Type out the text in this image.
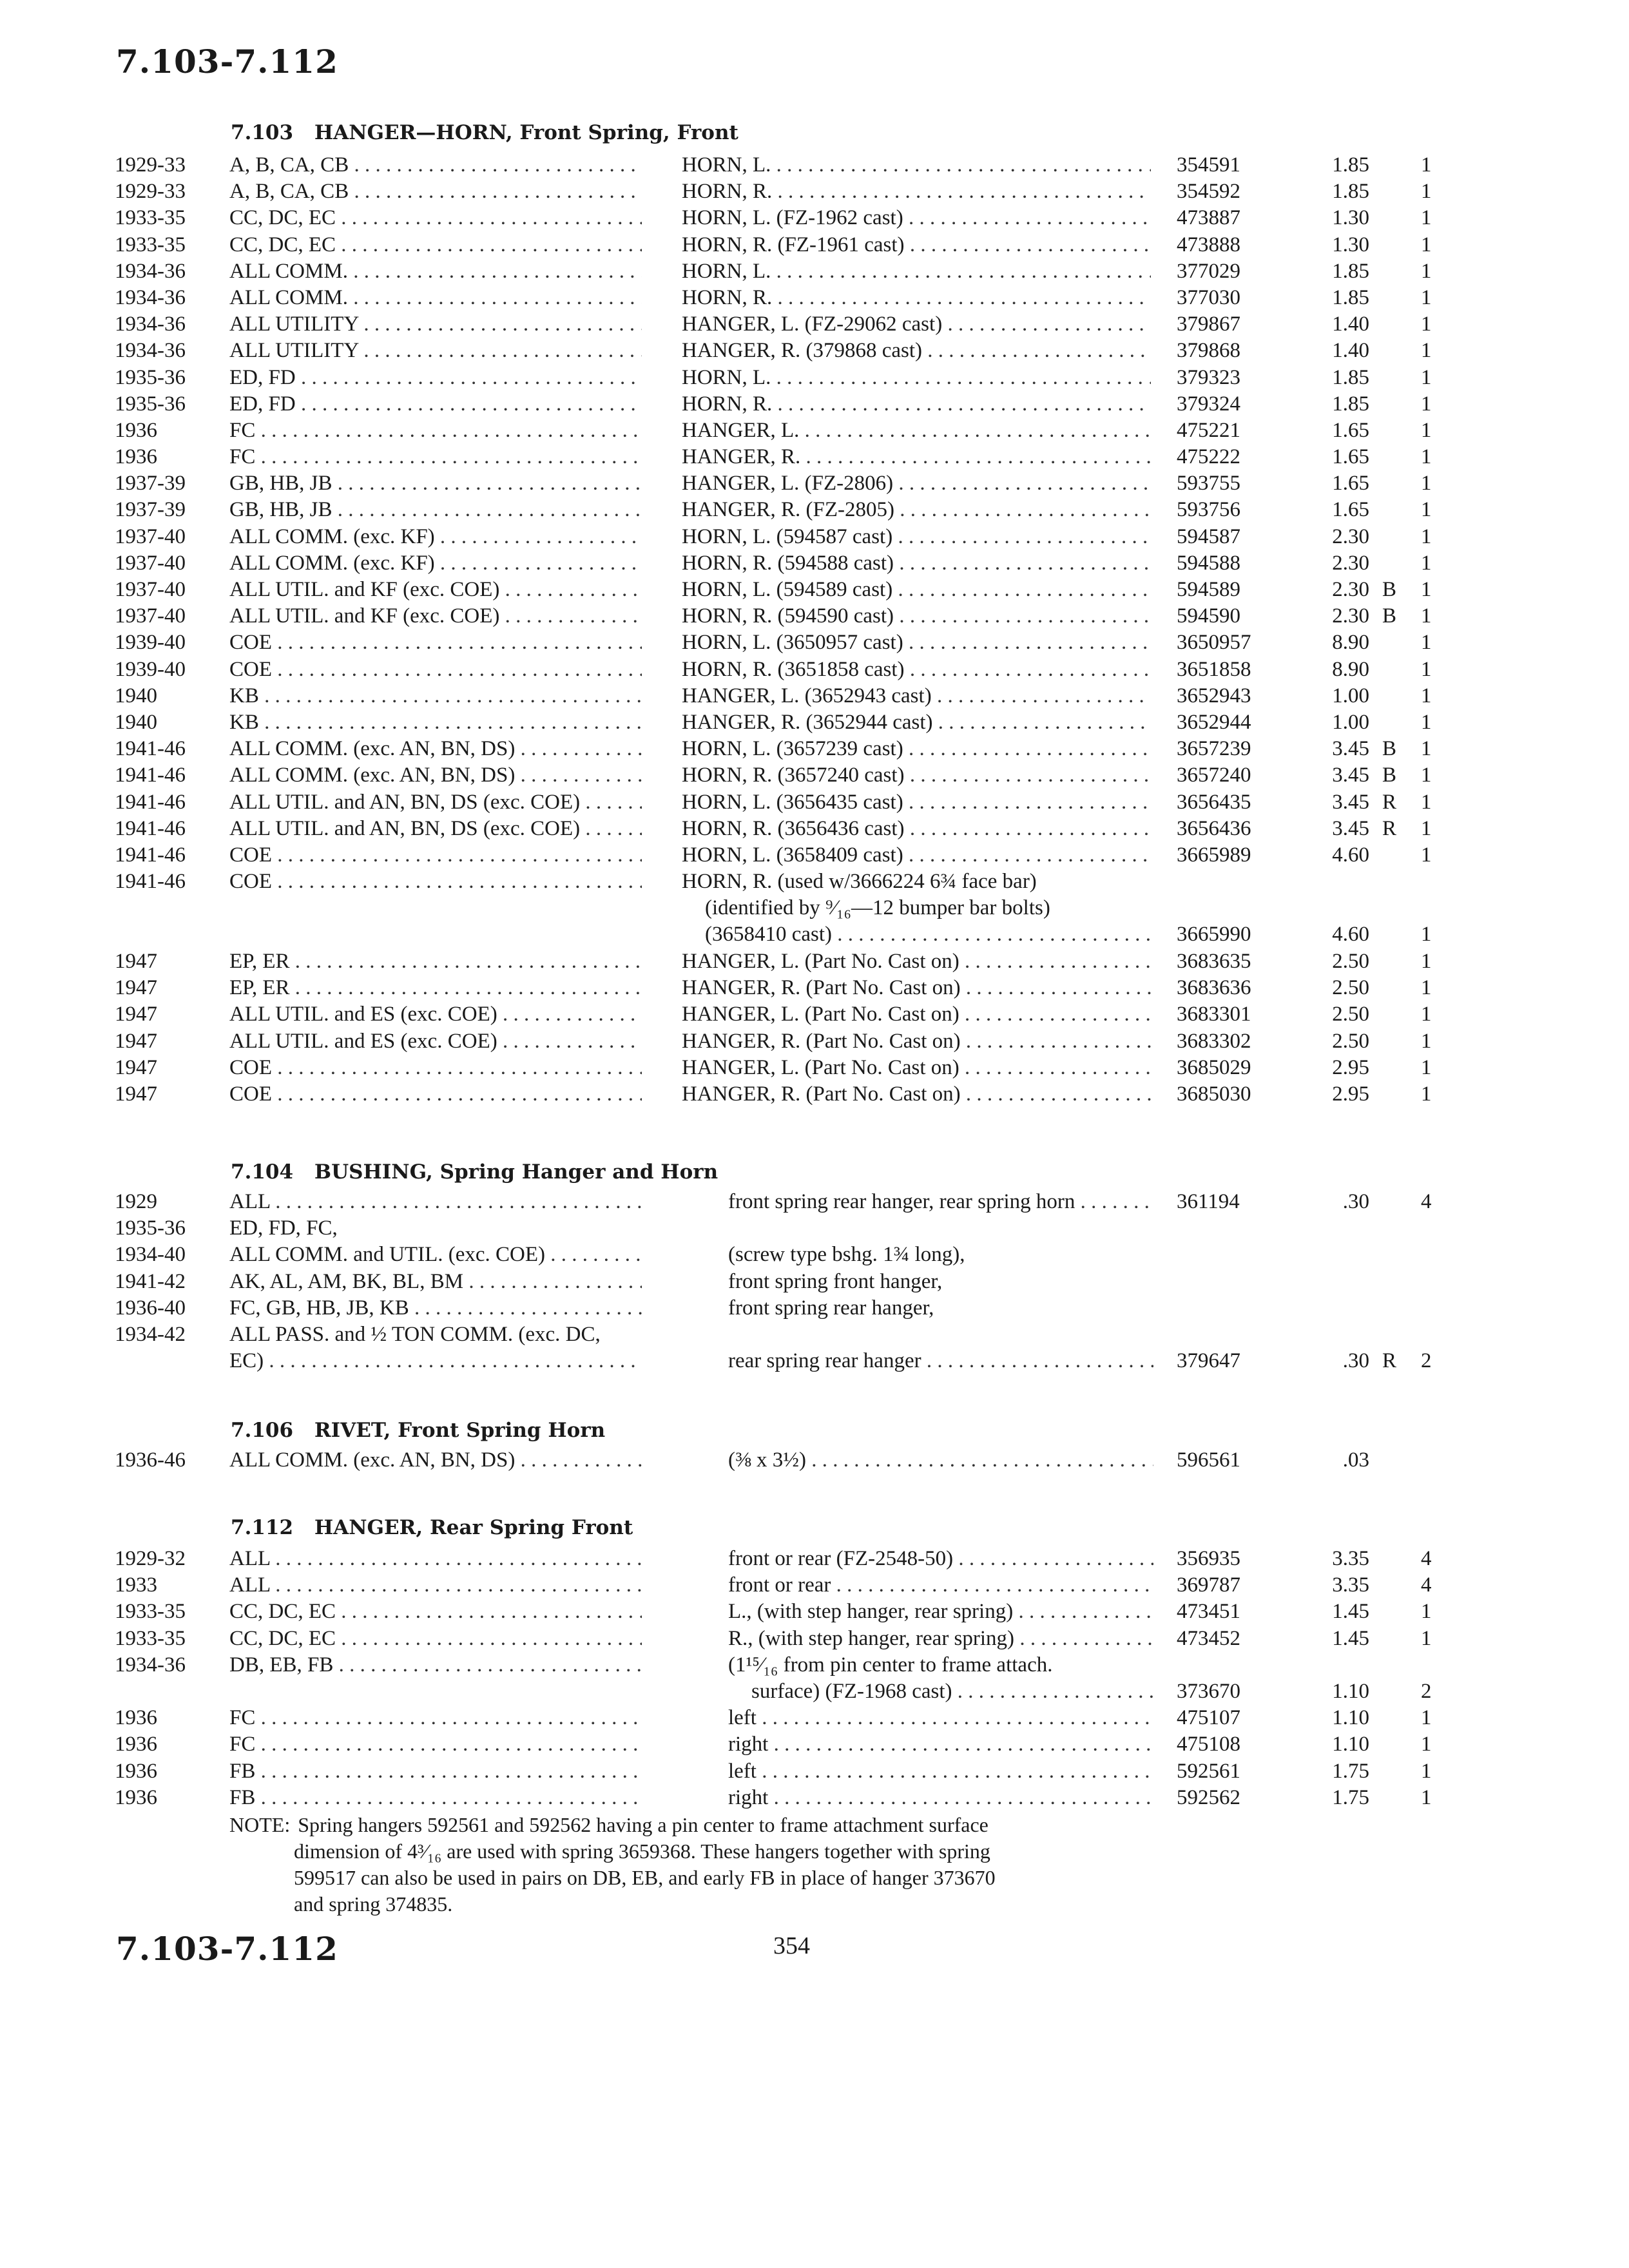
7.103-7.112
7.103 HANGER—HORN, Front Spring, Front
1929-33 A, B, CA, CB . . .	HORN, L. . . .	354591	1.85 1
1929-33 A, B, CA, CB . . .	HORN, R. . . .	354592	1.85 1
1933-35 CC, DC, EC . . .	HORN, L. (FZ-1962 cast) . . .	473887	1.30 1
1933-35 CC, DC, EC . . .	HORN, R. (FZ-1961 cast) . . .	473888	1.30 1
1934-36 ALL COMM. . . .	HORN, L. . . .	377029	1.85 1
1934-36 ALL COMM. . . .	HORN, R. . . .	377030	1.85 1
1934-36 ALL UTILITY . . .	HANGER, L. (FZ-29062 cast) . . .	379867	1.40 1
1934-36 ALL UTILITY . . .	HANGER, R. (379868 cast) . . .	379868	1.40 1
1935-36 ED, FD . . .	HORN, L. . . .	379323	1.85 1
1935-36 ED, FD . . .	HORN, R. . . .	379324	1.85 1
1936	FC . . .	HANGER, L. . . .	475221	1.65 1
1936	FC . . .	HANGER, R. . . .	475222	1.65 1
1937-39 GB, HB, JB . . .	HANGER, L. (FZ-2806) . . .	593755	1.65 1
1937-39 GB, HB, JB . . .	HANGER, R. (FZ-2805) . . .	593756	1.65 1
1937-40 ALL COMM. (exc. KF) . . .	HORN, L. (594587 cast) . . .	594587	2.30 1
1937-40 ALL COMM. (exc. KF) . . .	HORN, R. (594588 cast) . . .	594588	2.30 1
1937-40 ALL UTIL. and KF (exc. COE) . . .	HORN, L. (594589 cast) . . .	594589	2.30 B 1
1937-40 ALL UTIL. and KF (exc. COE) . . .	HORN, R. (594590 cast) . . .	594590	2.30 B 1
1939-40 COE . . .	HORN, L. (3650957 cast) . . .	3650957	8.90 1
1939-40 COE . . .	HORN, R. (3651858 cast) . . .	3651858	8.90 1
1940	KB . . .	HANGER, L. (3652943 cast) . . .	3652943	1.00 1
1940	KB . . .	HANGER, R. (3652944 cast) . . .	3652944	1.00 1
1941-46 ALL COMM. (exc. AN, BN, DS) . . .	HORN, L. (3657239 cast) . . .	3657239	3.45 B 1
1941-46 ALL COMM. (exc. AN, BN, DS) . . .	HORN, R. (3657240 cast) . . .	3657240	3.45 B 1
1941-46 ALL UTIL. and AN, BN, DS (exc. COE) . . .	HORN, L. (3656435 cast) . . .	3656435	3.45 R 1
1941-46 ALL UTIL. and AN, BN, DS (exc. COE) . . .	HORN, R. (3656436 cast) . . .	3656436	3.45 R 1
1941-46 COE . . .	HORN, L. (3658409 cast) . . .	3665989	4.60 1
1941-46 COE . . .	HORN, R. (used w/3666224 6¾ face bar)
(identified by ⁹⁄₁₆—12 bumper bar bolts)
(3658410 cast) . . .	3665990	4.60 1
1947	EP, ER . . .	HANGER, L. (Part No. Cast on) . . .	3683635	2.50 1
1947	EP, ER . . .	HANGER, R. (Part No. Cast on) . . .	3683636	2.50 1
1947	ALL UTIL. and ES (exc. COE) . . .	HANGER, L. (Part No. Cast on) . . .	3683301	2.50 1
1947	ALL UTIL. and ES (exc. COE) . . .	HANGER, R. (Part No. Cast on) . . .	3683302	2.50 1
1947	COE . . .	HANGER, L. (Part No. Cast on) . . .	3685029	2.95 1
1947	COE . . .	HANGER, R. (Part No. Cast on) . . .	3685030	2.95 1
7.104 BUSHING, Spring Hanger and Horn
1929	ALL . . .	front spring rear hanger, rear spring horn . . .	361194	.30 4
1935-36 ED, FD, FC,
1934-40 ALL COMM. and UTIL. (exc. COE) . . .	(screw type bshg. 1¾ long),
1941-42 AK, AL, AM, BK, BL, BM . . .	front spring front hanger,
1936-40 FC, GB, HB, JB, KB . . .	front spring rear hanger,
1934-42 ALL PASS. and ½ TON COMM. (exc. DC,
EC) . . .	rear spring rear hanger . . .	379647	.30 R 2
7.106 RIVET, Front Spring Horn
1936-46 ALL COMM. (exc. AN, BN, DS) . . .	(⅜ x 3½) . . .	596561	.03
7.112 HANGER, Rear Spring Front
1929-32 ALL . . .	front or rear (FZ-2548-50) . . .	356935	3.35 4
1933	ALL . . .	front or rear . . .	369787	3.35 4
1933-35 CC, DC, EC . . .	L., (with step hanger, rear spring) . . .	473451	1.45 1
1933-35 CC, DC, EC . . .	R., (with step hanger, rear spring) . . .	473452	1.45 1
1934-36 DB, EB, FB . . .	(1¹⁵⁄₁₆ from pin center to frame attach.
surface) (FZ-1968 cast) . . .	373670	1.10 2
1936	FC . . .	left . . .	475107	1.10 1
1936	FC . . .	right . . .	475108	1.10 1
1936	FB . . .	left . . .	592561	1.75 1
1936	FB . . .	right . . .	592562	1.75 1
NOTE: Spring hangers 592561 and 592562 having a pin center to frame attachment surface
dimension of 4³⁄₁₆ are used with spring 3659368. These hangers together with spring
599517 can also be used in pairs on DB, EB, and early FB in place of hanger 373670
and spring 374835.
7.103-7.112	354
